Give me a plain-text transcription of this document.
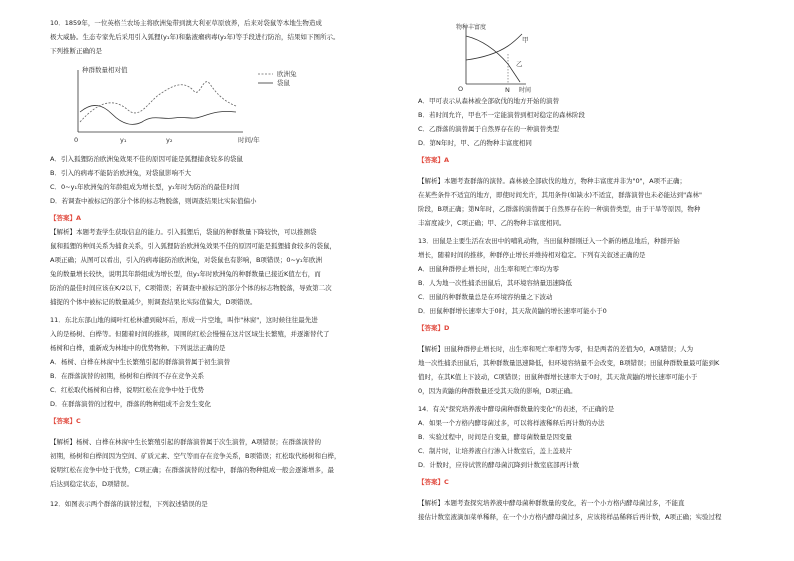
10．1859年，一位英格兰农场主将欧洲兔带到澳大利亚草原放养，后来对袋鼠等本地生物造成
极大威胁。生态专家先后采用引入狐狸(y₁年)和黏液瘤病毒(y₂年)等手段进行防治，结果如下图所示。
下列推断正确的是
种群数量相对值	欧洲兔
袋鼠
0	y₁	y₂	时间/年
A．引入狐狸防治欧洲兔效果不佳的原因可能是狐狸捕食较多的袋鼠
B．引入的病毒不能防治欧洲兔，对袋鼠影响不大
C．0~y₁年欧洲兔的年龄组成为增长型，y₁年时为防治的最佳时间
D．若调查中被标记的部分个体的标志物脱落，则调查结果比实际值偏小
【答案】A
【解析】本题考查学生获取信息的能力。引入狐狸后，袋鼠的种群数量下降较快，可以推测袋
鼠和狐狸的种间关系为捕食关系，引入狐狸防治欧洲兔效果不佳的原因可能是狐狸捕食较多的袋鼠，
A项正确；从图可以看出，引入的病毒能防治欧洲兔，对袋鼠也有影响，B项错误；0~y₁年欧洲
兔的数量增长较快，说明其年龄组成为增长型，但y₁年时欧洲兔的种群数量已接近K值左右，而
防治的最佳时间应该在K/2以下，C项错误；若调查中被标记的部分个体的标志物脱落，导致第二次
捕捉的个体中被标记的数量减少，则调查结果比实际值偏大，D项错误。
11．东北东部山地的阔叶红松林遭到破坏后，形成一片空地，叫作"林窗"，这时候往往最先进
入的是杨树、白桦等。但随着时间的推移，周围的红松会慢慢在这片区域生长繁殖，并逐渐替代了
杨树和白桦，重新成为林地中的优势物种。下列说法正确的是
A．杨树、白桦在林窗中生长繁殖引起的群落演替属于初生演替
B．在群落演替的初期，杨树和白桦间不存在竞争关系
C．红松取代杨树和白桦，说明红松在竞争中处于优势
D．在群落演替的过程中，群落的物种组成不会发生变化
【答案】C
【解析】杨树、白桦在林窗中生长繁殖引起的群落演替属于次生演替，A项错误；在群落演替的
初期，杨树和白桦间因为空间、矿质元素、空气等而存在竞争关系，B项错误；红松取代杨树和白桦，
说明红松在竞争中处于优势，C项正确；在群落演替的过程中，群落的物种组成一般会逐渐增多，最
后达到稳定状态，D项错误。
12．如图表示两个群落的演替过程，下列叙述错误的是
物种丰富度
甲
乙
O	N 时间
A．甲可表示从森林被全部砍伐的地方开始的演替
B．若时间允许，甲也不一定能演替到相对稳定的森林阶段
C．乙群落的演替属于自然界存在的一种演替类型
D．第N年时，甲、乙的物种丰富度相同
【答案】A
【解析】本题考查群落的演替。森林被全部砍伐的地方，物种丰富度并非为"0"，A项不正确；
在某些条件不适宜的地方，即使时间允许，其用条件(如缺水)不适宜，群落演替也未必能达到"森林"
阶段，B项正确；第N年时，乙群落的演替属于自然界存在的一种演替类型，由于干旱等原因，物种
丰富度减少，C项正确；甲、乙的物种丰富度相同。
13．田鼠是主要生活在农田中的哺乳动物，当田鼠种群刚迁入一个新的栖息地后，种群开始
增长，随着时间的推移，种群停止增长并维持相对稳定。下列有关叙述正确的是
A．田鼠种群停止增长时，出生率和死亡率均为零
B．人为地一次性捕杀田鼠后，其环境容纳量迅速降低
C．田鼠的种群数量总是在环境容纳量之下波动
D．田鼠种群增长速率大于0时，其天敌黄鼬的增长速率可能小于0
【答案】D
【解析】田鼠种群停止增长时，出生率和死亡率相等为零，但是两者的差值为0，A项错误；人为
地一次性捕杀田鼠后，其种群数量迅速降低，但环境容纳量不会改变，B项错误；田鼠种群数量最可能到K
值时，在其K值上下波动，C项错误；田鼠种群增长速率大于0时，其天敌黄鼬的增长速率可能小于
0，因为黄鼬的种群数量还受其天敌的影响，D项正确。
14．有关"探究培养液中酵母菌种群数量的变化"的表述，不正确的是
A．如果一个方格内酵母菌过多，可以将样液稀释后再计数的办法
B．实验过程中，时间是自变量，酵母菌数量是因变量
C．制片时，让培养液自行渗入计数室后，盖上盖玻片
D．计数时，应待试管的酵母菌沉降到计数室底部再计数
【答案】C
【解析】本题考查探究培养液中酵母菌种群数量的变化，若一个小方格内酵母菌过多，不能直
接估计数室液滴加菜单稀释，在一个小方格内酵母菌过多，应该将样品稀释后再计数，A项正确；实验过程
